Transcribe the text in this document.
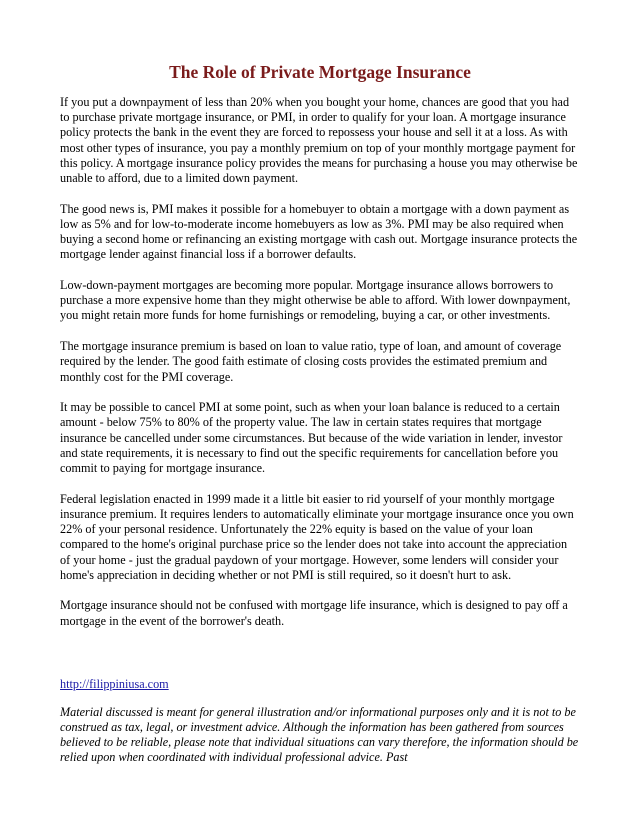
The Role of Private Mortgage Insurance

If you put a downpayment of less than 20% when you bought your home, chances are good that you had to purchase private mortgage insurance, or PMI, in order to qualify for your loan. A mortgage insurance policy protects the bank in the event they are forced to repossess your house and sell it at a loss. As with most other types of insurance, you pay a monthly premium on top of your monthly mortgage payment for this policy. A mortgage insurance policy provides the means for purchasing a house you may otherwise be unable to afford, due to a limited down payment.

The good news is, PMI makes it possible for a homebuyer to obtain a mortgage with a down payment as low as 5% and for low-to-moderate income homebuyers as low as 3%. PMI may be also required when buying a second home or refinancing an existing mortgage with cash out. Mortgage insurance protects the mortgage lender against financial loss if a borrower defaults.

Low-down-payment mortgages are becoming more popular. Mortgage insurance allows borrowers to purchase a more expensive home than they might otherwise be able to afford. With lower downpayment, you might retain more funds for home furnishings or remodeling, buying a car, or other investments.

The mortgage insurance premium is based on loan to value ratio, type of loan, and amount of coverage required by the lender. The good faith estimate of closing costs provides the estimated premium and monthly cost for the PMI coverage.

It may be possible to cancel PMI at some point, such as when your loan balance is reduced to a certain amount - below 75% to 80% of the property value. The law in certain states requires that mortgage insurance be cancelled under some circumstances. But because of the wide variation in lender, investor and state requirements, it is necessary to find out the specific requirements for cancellation before you commit to paying for mortgage insurance.

Federal legislation enacted in 1999 made it a little bit easier to rid yourself of your monthly mortgage insurance premium. It requires lenders to automatically eliminate your mortgage insurance once you own 22% of your personal residence. Unfortunately the 22% equity is based on the value of your loan compared to the home's original purchase price so the lender does not take into account the appreciation of your home - just the gradual paydown of your mortgage. However, some lenders will consider your home's appreciation in deciding whether or not PMI is still required, so it doesn't hurt to ask.

Mortgage insurance should not be confused with mortgage life insurance, which is designed to pay off a mortgage in the event of the borrower's death.

http://filippiniusa.com

Material discussed is meant for general illustration and/or informational purposes only and it is not to be construed as tax, legal, or investment advice. Although the information has been gathered from sources believed to be reliable, please note that individual situations can vary therefore, the information should be relied upon when coordinated with individual professional advice. Past
